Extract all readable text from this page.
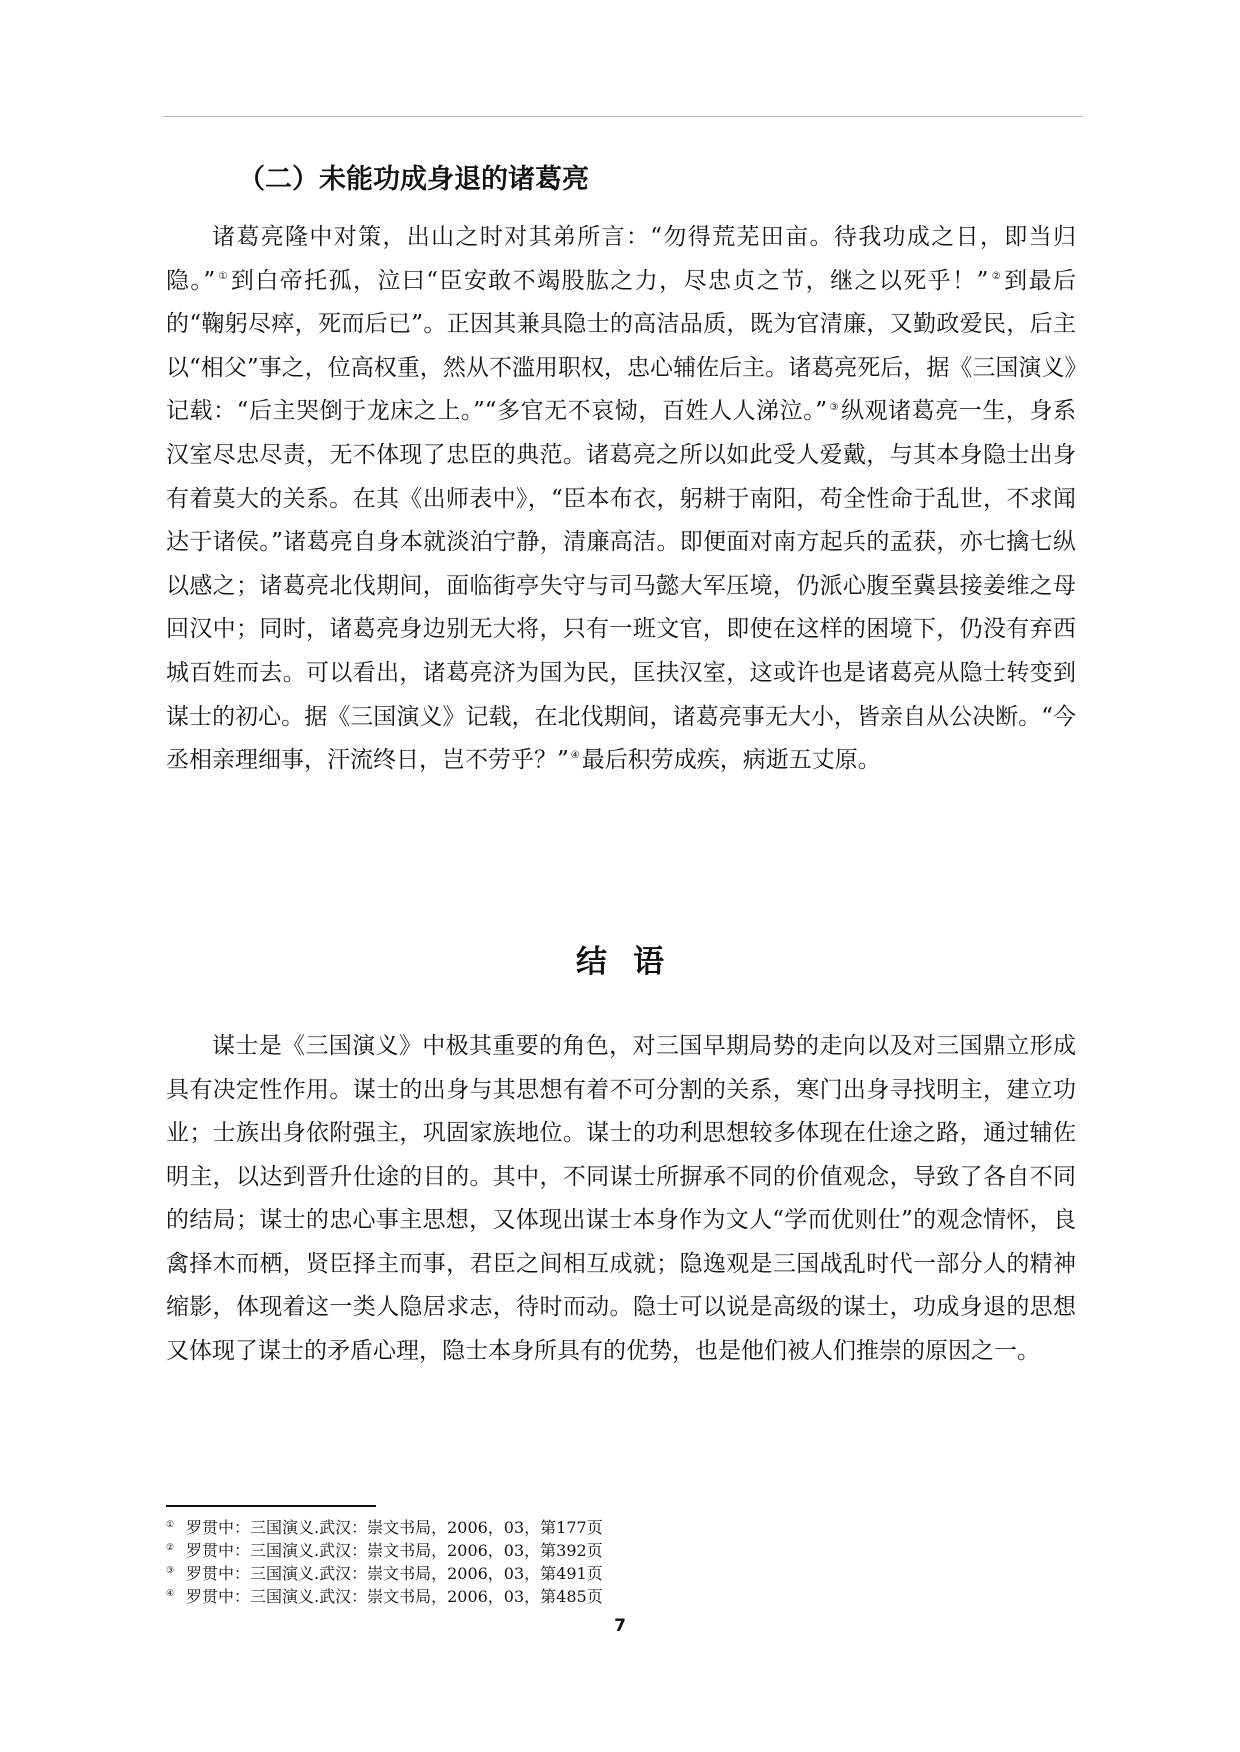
（二）未能功成身退的诸葛亮

诸葛亮隆中对策，出山之时对其弟所言：“勿得荒芜田亩。待我功成之日，即当归隐。” ①到白帝托孤，泣曰“臣安敢不竭股肱之力，尽忠贞之节，继之以死乎！” ②到最后的“鞠躬尽瘁，死而后已”。正因其兼具隐士的高洁品质，既为官清廉，又勤政爱民，后主以“相父”事之，位高权重，然从不滥用职权，忠心辅佐后主。诸葛亮死后，据《三国演义》记载：“后主哭倒于龙床之上。”“多官无不哀恸，百姓人人涕泣。” ③纵观诸葛亮一生，身系汉室尽忠尽责，无不体现了忠臣的典范。诸葛亮之所以如此受人爱戴，与其本身隐士出身有着莫大的关系。在其《出师表中》，“臣本布衣，躬耕于南阳，苟全性命于乱世，不求闻达于诸侯。”诸葛亮自身本就淡泊宁静，清廉高洁。即便面对南方起兵的孟获，亦七擒七纵以感之；诸葛亮北伐期间，面临街亭失守与司马懿大军压境，仍派心腹至冀县接姜维之母回汉中；同时，诸葛亮身边别无大将，只有一班文官，即使在这样的困境下，仍没有弃西城百姓而去。可以看出，诸葛亮济为国为民，匡扶汉室，这或许也是诸葛亮从隐士转变到谋士的初心。据《三国演义》记载，在北伐期间，诸葛亮事无大小，皆亲自从公决断。“今丞相亲理细事，汗流终日，岂不劳乎？” ④最后积劳成疾，病逝五丈原。

结语

谋士是《三国演义》中极其重要的角色，对三国早期局势的走向以及对三国鼎立形成具有决定性作用。谋士的出身与其思想有着不可分割的关系，寒门出身寻找明主，建立功业；士族出身依附强主，巩固家族地位。谋士的功利思想较多体现在仕途之路，通过辅佐明主，以达到晋升仕途的目的。其中，不同谋士所摒承不同的价值观念，导致了各自不同的结局；谋士的忠心事主思想，又体现出谋士本身作为文人“学而优则仕”的观念情怀，良禽择木而栖，贤臣择主而事，君臣之间相互成就；隐逸观是三国战乱时代一部分人的精神缩影，体现着这一类人隐居求志，待时而动。隐士可以说是高级的谋士，功成身退的思想又体现了谋士的矛盾心理，隐士本身所具有的优势，也是他们被人们推崇的原因之一。

① 罗贯中：三国演义.武汉：崇文书局，2006，03，第177页
② 罗贯中：三国演义.武汉：崇文书局，2006，03，第392页
③ 罗贯中：三国演义.武汉：崇文书局，2006，03，第491页
④ 罗贯中：三国演义.武汉：崇文书局，2006，03，第485页
7
